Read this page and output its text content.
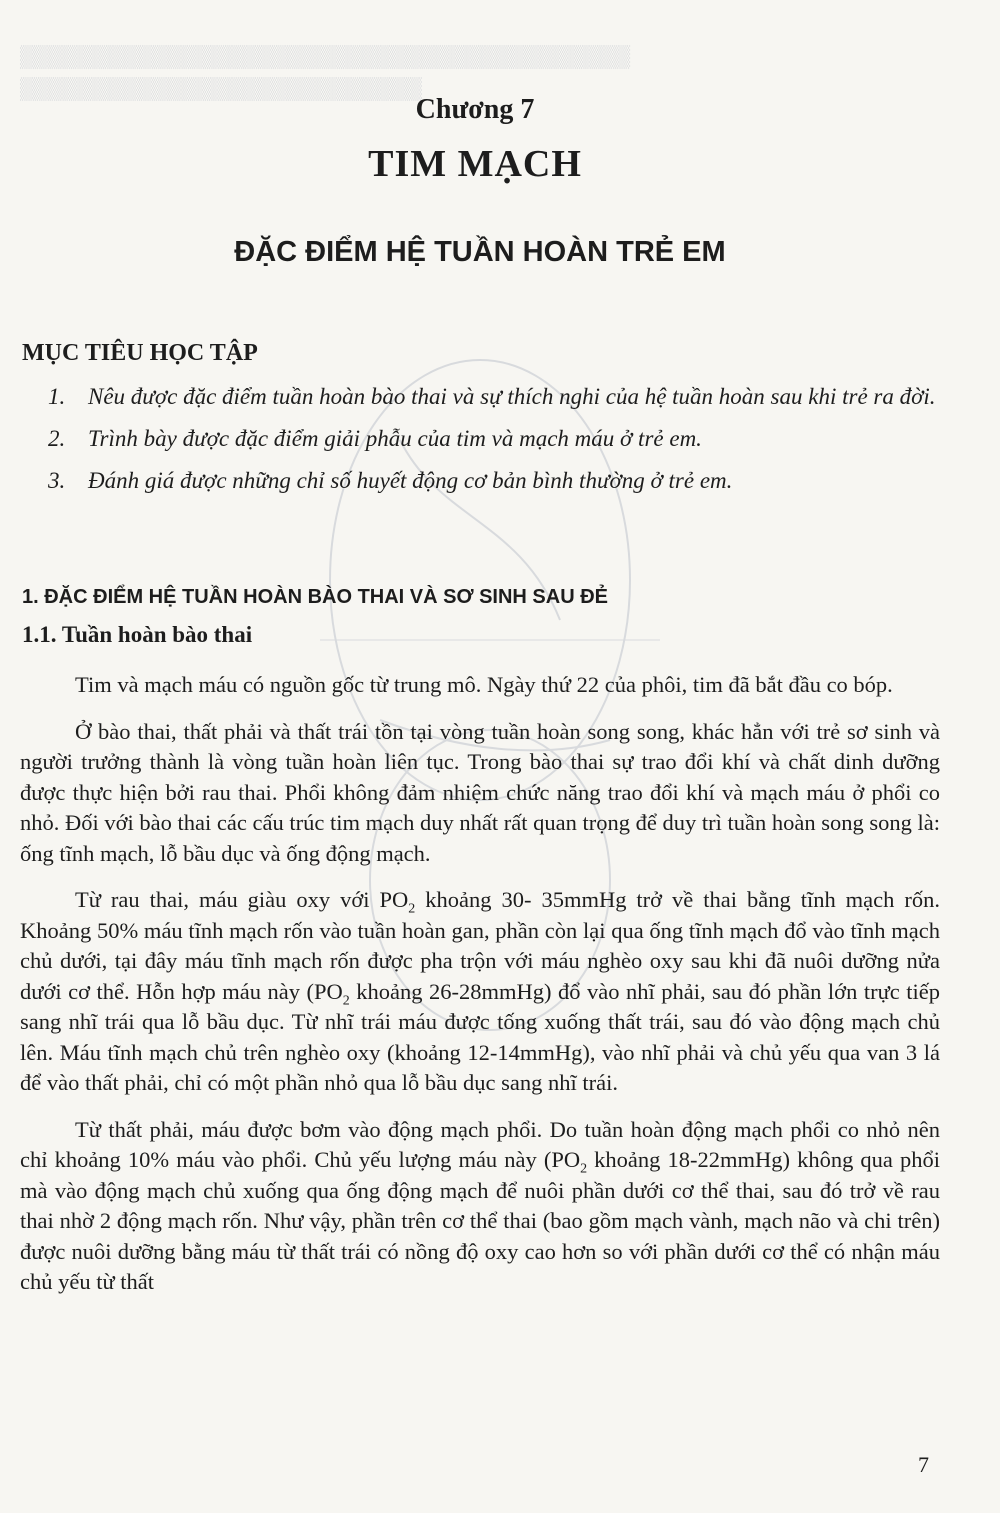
▒▒▒▒▒▒▒▒▒▒▒▒▒▒▒▒▒▒▒▒▒▒▒▒▒▒▒▒▒▒▒▒▒▒▒▒▒▒▒▒▒

▒▒▒▒▒▒▒▒▒▒▒▒▒▒▒▒▒▒▒▒▒▒▒▒▒▒▒

Chương 7
TIM MẠCH
ĐẶC ĐIỂM HỆ TUẦN HOÀN TRẺ EM
MỤC TIÊU HỌC TẬP
1. Nêu được đặc điểm tuần hoàn bào thai và sự thích nghi của hệ tuần hoàn sau khi trẻ ra đời.
2. Trình bày được đặc điểm giải phẫu của tim và mạch máu ở trẻ em.
3. Đánh giá được những chỉ số huyết động cơ bản bình thường ở trẻ em.
1. ĐẶC ĐIỂM HỆ TUẦN HOÀN BÀO THAI VÀ SƠ SINH SAU ĐẺ
1.1. Tuần hoàn bào thai

Tim và mạch máu có nguồn gốc từ trung mô. Ngày thứ 22 của phôi, tim đã bắt đầu co bóp.

Ở bào thai, thất phải và thất trái tồn tại vòng tuần hoàn song song, khác hẳn với trẻ sơ sinh và người trưởng thành là vòng tuần hoàn liên tục. Trong bào thai sự trao đổi khí và chất dinh dưỡng được thực hiện bởi rau thai. Phổi không đảm nhiệm chức năng trao đổi khí và mạch máu ở phổi co nhỏ. Đối với bào thai các cấu trúc tim mạch duy nhất rất quan trọng để duy trì tuần hoàn song song là: ống tĩnh mạch, lỗ bầu dục và ống động mạch.

Từ rau thai, máu giàu oxy với $PO_2$ khoảng 30- 35mmHg trở về thai bằng tĩnh mạch rốn. Khoảng 50% máu tĩnh mạch rốn vào tuần hoàn gan, phần còn lại qua ống tĩnh mạch đổ vào tĩnh mạch chủ dưới, tại đây máu tĩnh mạch rốn được pha trộn với máu nghèo oxy sau khi đã nuôi dưỡng nửa dưới cơ thể. Hỗn hợp máu này ($PO_2$ khoảng 26-28mmHg) đổ vào nhĩ phải, sau đó phần lớn trực tiếp sang nhĩ trái qua lỗ bầu dục. Từ nhĩ trái máu được tống xuống thất trái, sau đó vào động mạch chủ lên. Máu tĩnh mạch chủ trên nghèo oxy (khoảng 12-14mmHg), vào nhĩ phải và chủ yếu qua van 3 lá để vào thất phải, chỉ có một phần nhỏ qua lỗ bầu dục sang nhĩ trái.

Từ thất phải, máu được bơm vào động mạch phổi. Do tuần hoàn động mạch phổi co nhỏ nên chỉ khoảng 10% máu vào phổi. Chủ yếu lượng máu này ($PO_2$ khoảng 18-22mmHg) không qua phổi mà vào động mạch chủ xuống qua ống động mạch để nuôi phần dưới cơ thể thai, sau đó trở về rau thai nhờ 2 động mạch rốn. Như vậy, phần trên cơ thể thai (bao gồm mạch vành, mạch não và chi trên) được nuôi dưỡng bằng máu từ thất trái có nồng độ oxy cao hơn so với phần dưới cơ thể có nhận máu chủ yếu từ thất

7
